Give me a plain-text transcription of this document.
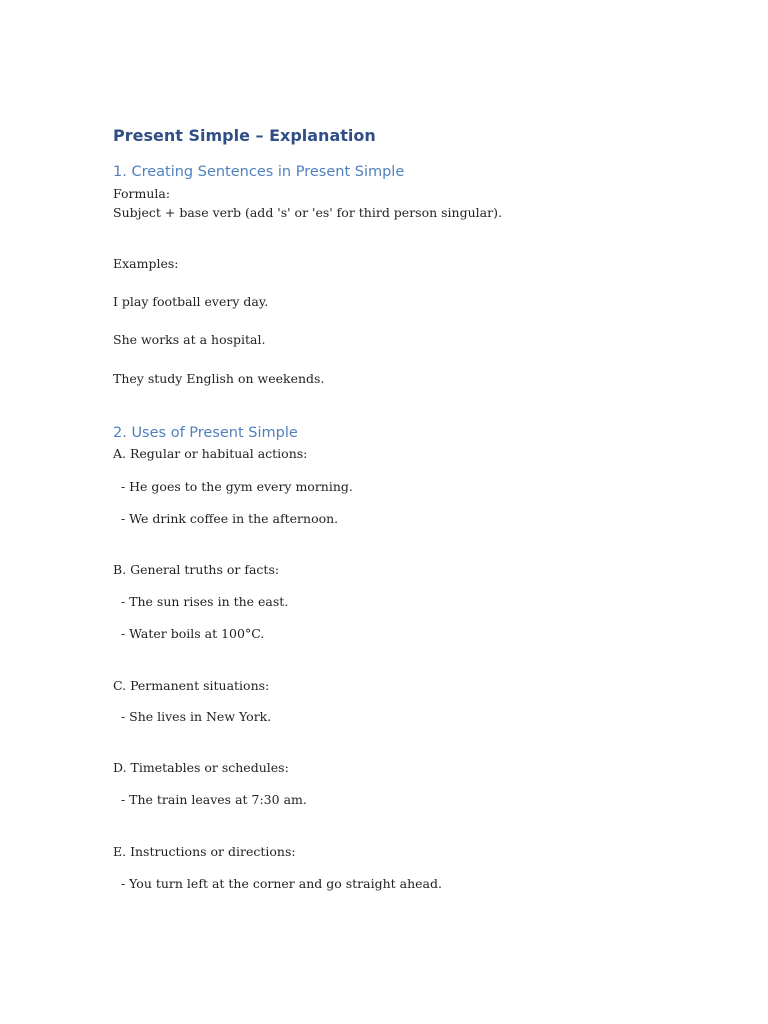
Present Simple – Explanation
1. Creating Sentences in Present Simple

Formula:

Subject + base verb (add 's' or 'es' for third person singular).

Examples:

I play football every day.

She works at a hospital.

They study English on weekends.

2. Uses of Present Simple

A. Regular or habitual actions:

- He goes to the gym every morning.

- We drink coffee in the afternoon.

B. General truths or facts:

- The sun rises in the east.

- Water boils at 100°C.

C. Permanent situations:

- She lives in New York.

D. Timetables or schedules:

- The train leaves at 7:30 am.

E. Instructions or directions:

- You turn left at the corner and go straight ahead.
